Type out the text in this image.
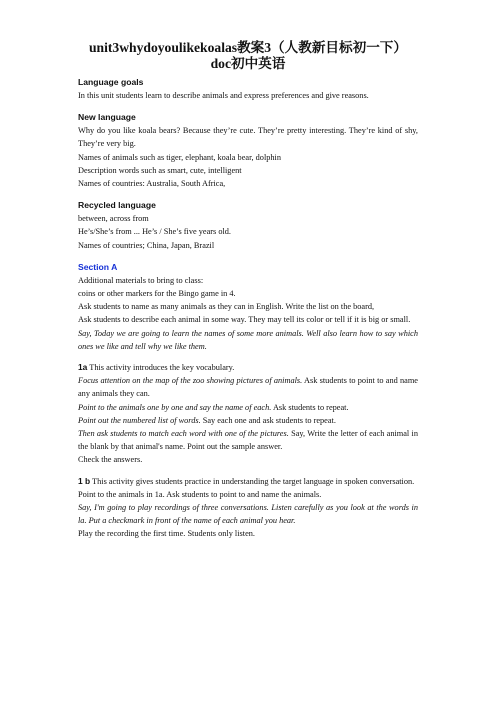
unit3whydoyoulikekoalas教案3（人教新目标初一下）
doc初中英语
Language goals

In this unit students learn to describe animals and express preferences and give reasons.

New language

Why do you like koala bears? Because they’re cute. They’re pretty interesting. They’re kind of shy, They’re very big.

Names of animals such as tiger, elephant, koala bear, dolphin

Description words such as smart, cute, intelligent

Names of countries: Australia, South Africa,

Recycled language

between, across from

He’s/She’s from ... He’s / She’s five years old.

Names of countries; China, Japan, Brazil

Section A

Additional materials to bring to class:

coins or other markers for the Bingo game in 4.

Ask students to name as many animals as they can in English. Write the list on the board,

Ask students to describe each animal in some way. They may tell its color or tell if it is big or small.

Say, Today we are going to learn the names of some more animals. Well also learn how to say which ones we like and tell why we like them.

1a This activity introduces the key vocabulary.

Focus attention on the map of the zoo showing pictures of animals. Ask students to point to and name any animals they can.

Point to the animals one by one and say the name of each. Ask students to repeat.

Point out the numbered list of words. Say each one and ask students to repeat.

Then ask students to match each word with one of the pictures. Say, Write the letter of each animal in the blank by that animal's name. Point out the sample answer.

Check the answers.

1 b This activity gives students practice in understanding the target language in spoken conversation.

Point to the animals in 1a. Ask students to point to and name the animals.

Say, I'm going to play recordings of three conversations. Listen carefully as you look at the words in la. Put a checkmark in front of the name of each animal you hear.

Play the recording the first time. Students only listen.
